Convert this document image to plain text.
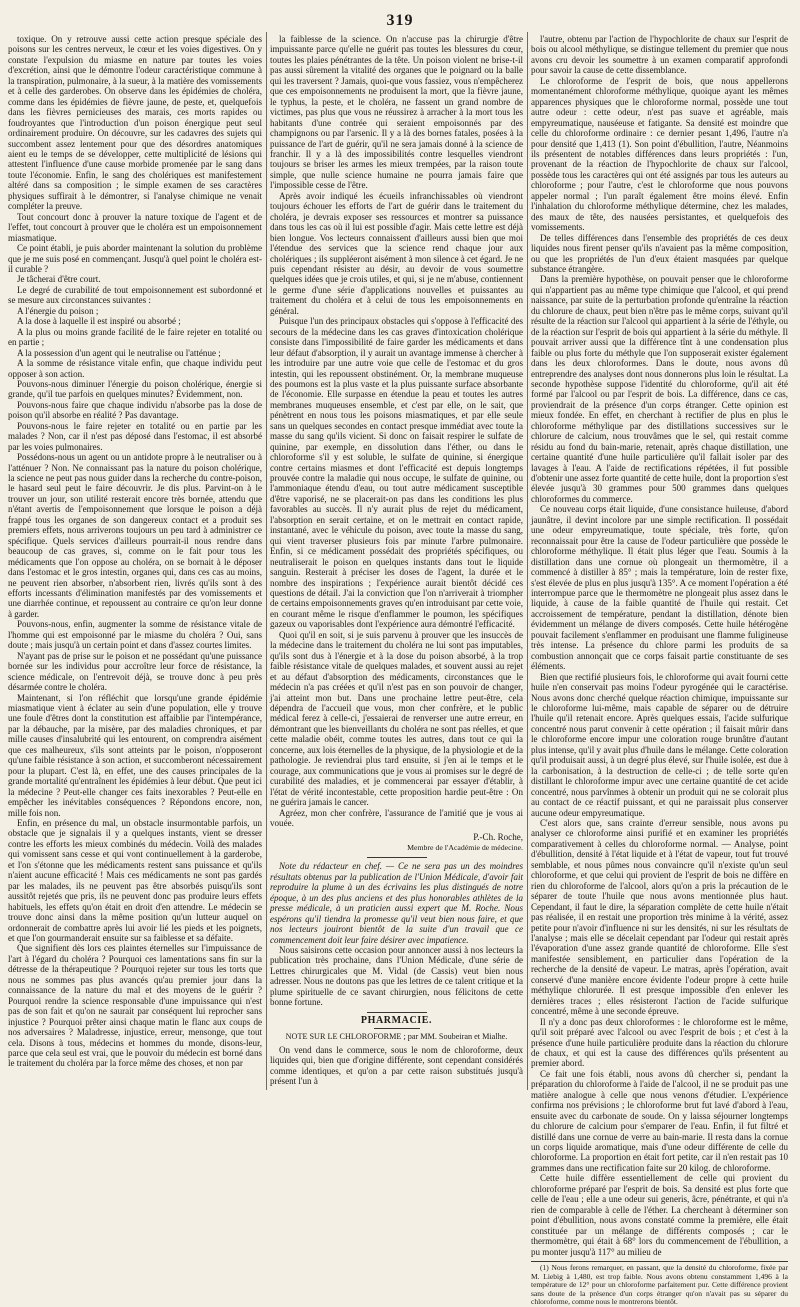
319

toxique. On y retrouve aussi cette action presque spéciale des poisons sur les centres nerveux, le cœur et les voies digestives. On y constate l'expulsion du miasme en nature par toutes les voies d'excrétion, ainsi que le démontre l'odeur caractéristique commune à la transpiration, pulmonaire, à la sueur, à la matière des vomissements et à celle des garderobes. On observe dans les épidémies de choléra, comme dans les épidémies de fièvre jaune, de peste, et, quelquefois dans les fièvres pernicieuses des marais, ces morts rapides ou foudroyantes que l'introduction d'un poison énergique peut seul ordinairement produire. On découvre, sur les cadavres des sujets qui succombent assez lentement pour que des désordres anatomiques aient eu le temps de se développer, cette multiplicité de lésions qui attestent l'influence d'une cause morbide promenée par le sang dans toute l'économie. Enfin, le sang des cholériques est manifestement altéré dans sa composition ; le simple examen de ses caractères physiques suffirait à le démontrer, si l'analyse chimique ne venait compléter la preuve.

Tout concourt donc à prouver la nature toxique de l'agent et de l'effet, tout concourt à prouver que le choléra est un empoisonnement miasmatique.

Ce point établi, je puis aborder maintenant la solution du problème que je me suis posé en commençant. Jusqu'à quel point le choléra est-il curable ?

Je tâcherai d'être court.

Le degré de curabilité de tout empoisonnement est subordonné et se mesure aux circonstances suivantes :

A l'énergie du poison ;

A la dose à laquelle il est inspiré ou absorbé ;

A la plus ou moins grande facilité de le faire rejeter en totalité ou en partie ;

A la possession d'un agent qui le neutralise ou l'atténue ;

A la somme de résistance vitale enfin, que chaque individu peut opposer à son action.

Pouvons-nous diminuer l'énergie du poison cholérique, énergie si grande, qu'il tue parfois en quelques minutes? Évidemment, non.

Pouvons-nous faire que chaque individu n'absorbe pas la dose de poison qu'il absorbe en réalité ? Pas davantage.

Pouvons-nous le faire rejeter en totalité ou en partie par les malades ? Non, car il n'est pas déposé dans l'estomac, il est absorbé par les voies pulmonaires.

Possédons-nous un agent ou un antidote propre à le neutraliser ou à l'atténuer ? Non. Ne connaissant pas la nature du poison cholérique, la science ne peut pas nous guider dans la recherche du contre-poison, le hasard seul peut le faire découvrir. Je dis plus. Parvint-on à le trouver un jour, son utilité resterait encore très bornée, attendu que n'étant avertis de l'empoisonnement que lorsque le poison a déjà frappé tous les organes de son dangereux contact et a produit ses premiers effets, nous arriverons toujours un peu tard à administrer ce spécifique. Quels services d'ailleurs pourrait-il nous rendre dans beaucoup de cas graves, si, comme on le fait pour tous les médicaments que l'on oppose au choléra, on se bornait à le déposer dans l'estomac et le gros intestin, organes qui, dans ces cas au moins, ne peuvent rien absorber, n'absorbent rien, livrés qu'ils sont à des efforts incessants d'élimination manifestés par des vomissements et une diarrhée continue, et repoussent au contraire ce qu'on leur donne à garder.

Pouvons-nous, enfin, augmenter la somme de résistance vitale de l'homme qui est empoisonné par le miasme du choléra ? Oui, sans doute ; mais jusqu'à un certain point et dans d'assez courtes limites.

N'ayant pas de prise sur le poison et ne possédant qu'une puissance bornée sur les individus pour accroître leur force de résistance, la science médicale, on l'entrevoit déjà, se trouve donc à peu près désarmée contre le choléra.

Maintenant, si l'on réfléchit que lorsqu'une grande épidémie miasmatique vient à éclater au sein d'une population, elle y trouve une foule d'êtres dont la constitution est affaiblie par l'intempérance, par la débauche, par la misère, par des maladies chroniques, et par mille causes d'insalubrité qui les entourent, on comprendra aisément que ces malheureux, s'ils sont atteints par le poison, n'opposeront qu'une faible résistance à son action, et succomberont nécessairement pour la plupart. C'est là, en effet, une des causes principales de la grande mortalité qu'entraînent les épidémies à leur début. Que peut ici la médecine ? Peut-elle changer ces faits inexorables ? Peut-elle en empêcher les inévitables conséquences ? Répondons encore, non, mille fois non.

Enfin, en présence du mal, un obstacle insurmontable parfois, un obstacle que je signalais il y a quelques instants, vient se dresser contre les efforts les mieux combinés du médecin. Voilà des malades qui vomissent sans cesse et qui vont continuellement à la garderobe, et l'on s'étonne que les médicaments restent sans puissance et qu'ils n'aient aucune efficacité ! Mais ces médicaments ne sont pas gardés par les malades, ils ne peuvent pas être absorbés puisqu'ils sont aussitôt rejetés que pris, ils ne peuvent donc pas produire leurs effets habituels, les effets qu'on était en droit d'en attendre. Le médecin se trouve donc ainsi dans la même position qu'un lutteur auquel on ordonnerait de combattre après lui avoir lié les pieds et les poignets, et que l'on gourmanderait ensuite sur sa faiblesse et sa défaite.

Que signifient dès lors ces plaintes éternelles sur l'impuissance de l'art à l'égard du choléra ? Pourquoi ces lamentations sans fin sur la détresse de la thérapeutique ? Pourquoi rejeter sur tous les torts que nous ne sommes pas plus avancés qu'au premier jour dans la connaissance de la nature du mal et des moyens de le guérir ? Pourquoi rendre la science responsable d'une impuissance qui n'est pas de son fait et qu'on ne saurait par conséquent lui reprocher sans injustice ? Pourquoi prêter ainsi chaque matin le flanc aux coups de nos adversaires ? Maladresse, injustice, erreur, mensonge, que tout cela. Disons à tous, médecins et hommes du monde, disons-leur, parce que cela seul est vrai, que le pouvoir du médecin est borné dans le traitement du choléra par la force même des choses, et non par

la faiblesse de la science. On n'accuse pas la chirurgie d'être impuissante parce qu'elle ne guérit pas toutes les blessures du cœur, toutes les plaies pénétrantes de la tête. Un poison violent ne brise-t-il pas aussi sûrement la vitalité des organes que le poignard ou la balle qui les traversent ? Jamais, quoi-que vous fassiez, vous n'empêcherez que ces empoisonnements ne produisent la mort, que la fièvre jaune, le typhus, la peste, et le choléra, ne fassent un grand nombre de victimes, pas plus que vous ne réussirez à arracher à la mort tous les habitants d'une contrée qui seraient empoisonnés par des champignons ou par l'arsenic. Il y a là des bornes fatales, posées à la puissance de l'art de guérir, qu'il ne sera jamais donné à la science de franchir. Il y a là des impossibilités contre lesquelles viendront toujours se briser les armes les mieux trempées, par la raison toute simple, que nulle science humaine ne pourra jamais faire que l'impossible cesse de l'être.

Après avoir indiqué les écueils infranchissables où viendront toujours échouer les efforts de l'art de guérir dans le traitement du choléra, je devrais exposer ses ressources et montrer sa puissance dans tous les cas où il lui est possible d'agir. Mais cette lettre est déjà bien longue. Vos lecteurs connaissent d'ailleurs aussi bien que moi l'étendue des services que la science rend chaque jour aux cholériques ; ils suppléeront aisément à mon silence à cet égard. Je ne puis cependant résister au désir, au devoir de vous soumettre quelques idées que je crois utiles, et qui, si je ne m'abuse, contiennent le germe d'une série d'applications nouvelles et puissantes au traitement du choléra et à celui de tous les empoisonnements en général.

Puisque l'un des principaux obstacles qui s'oppose à l'efficacité des secours de la médecine dans les cas graves d'intoxication cholérique consiste dans l'impossibilité de faire garder les médicaments et dans leur défaut d'absorption, il y aurait un avantage immense à chercher à les introduire par une autre voie que celle de l'estomac et du gros intestin, qui les repoussent obstinément. Or, la membrane muqueuse des poumons est la plus vaste et la plus puissante surface absorbante de l'économie. Elle surpasse en étendue la peau et toutes les autres membranes muqueuses ensemble, et c'est par elle, on le sait, que pénètrent en nous tous les poisons miasmatiques, et par elle seule sans un quelques secondes en contact presque immédiat avec toute la masse du sang qu'ils vicient. Si donc on faisait respirer le sulfate de quinine, par exemple, en dissolution dans l'éther, ou dans le chloroforme s'il y est soluble, le sulfate de quinine, si énergique contre certains miasmes et dont l'efficacité est depuis longtemps prouvée contre la maladie qui nous occupe, le sulfate de quinine, ou l'ammoniaque étendu d'eau, ou tout autre médicament susceptible d'être vaporisé, ne se placerait-on pas dans les conditions les plus favorables au succès. Il n'y aurait plus de rejet du médicament, l'absorption en serait certaine, et on le mettrait en contact rapide, instantané, avec le véhicule du poison, avec toute la masse du sang, qui vient traverser plusieurs fois par minute l'arbre pulmonaire. Enfin, si ce médicament possédait des propriétés spécifiques, ou neutraliserait le poison en quelques instants dans tout le liquide sanguin. Resterait à préciser les doses de l'agent, la durée et le nombre des inspirations ; l'expérience aurait bientôt décidé ces questions de détail. J'ai la conviction que l'on n'arriverait à triompher de certains empoisonnements graves qu'en introduisant par cette voie, en courant même le risque d'enflammer le poumon, les spécifiques gazeux ou vaporisables dont l'expérience aura démontré l'efficacité.

Quoi qu'il en soit, si je suis parvenu à prouver que les insuccès de la médecine dans le traitement du choléra ne lui sont pas imputables, qu'ils sont dus à l'énergie et à la dose du poison absorbé, à la trop faible résistance vitale de quelques malades, et souvent aussi au rejet et au défaut d'absorption des médicaments, circonstances que le médecin n'a pas créées et qu'il n'est pas en son pouvoir de changer, j'ai atteint mon but. Dans une prochaine lettre peut-être, cela dépendra de l'accueil que vous, mon cher confrère, et le public médical ferez à celle-ci, j'essaierai de renverser une autre erreur, en démontrant que les bienveillants du choléra ne sont pas réelles, et que cette maladie obéit, comme toutes les autres, dans tout ce qui la concerne, aux lois éternelles de la physique, de la physiologie et de la pathologie. Je reviendrai plus tard ensuite, si j'en ai le temps et le courage, aux communications que je vous ai promises sur le degré de curabilité des maladies, et je commencerai par essayer d'établir, à l'état de vérité incontestable, cette proposition hardie peut-être : On ne guérira jamais le cancer.

Agréez, mon cher confrère, l'assurance de l'amitié que je vous ai vouée.

P.-Ch. Roche,
Membre de l'Académie de médecine.

Note du rédacteur en chef. — Ce ne sera pas un des moindres résultats obtenus par la publication de l'Union Médicale, d'avoir fait reproduire la plume à un des écrivains les plus distingués de notre époque, à un des plus anciens et des plus honorables athlètes de la presse médicale, à un praticien aussi expert que M. Roche. Nous espérons qu'il tiendra la promesse qu'il veut bien nous faire, et que nos lecteurs jouiront bientôt de la suite d'un travail que ce commencement doit leur faire désirer avec impatience.

Nous saisirons cette occasion pour annoncer aussi à nos lecteurs la publication très prochaine, dans l'Union Médicale, d'une série de Lettres chirurgicales que M. Vidal (de Cassis) veut bien nous adresser. Nous ne doutons pas que les lettres de ce talent critique et la plume spirituelle de ce savant chirurgien, nous félicitons de cette bonne fortune.

PHARMACIE.

NOTE SUR LE CHLOROFORME ; par MM. Soubeiran et Mialhe.

On vend dans le commerce, sous le nom de chloroforme, deux liquides qui, bien que d'origine différente, sont cependant considérés comme identiques, et qu'on a par cette raison substitués jusqu'à présent l'un à

l'autre, obtenu par l'action de l'hypochlorite de chaux sur l'esprit de bois ou alcool méthylique, se distingue tellement du premier que nous avons cru devoir les soumettre à un examen comparatif approfondi pour savoir la cause de cette dissemblance.

Le chloroforme de l'esprit de bois, que nous appellerons momentanément chloroforme méthylique, quoique ayant les mêmes apparences physiques que le chloroforme normal, possède une tout autre odeur : cette odeur, n'est pas suave et agréable, mais empyreumatique, nauséeuse et fatigante. Sa densité est moindre que celle du chloroforme ordinaire : ce dernier pesant 1,496, l'autre n'a pour densité que 1,413 (1). Son point d'ébullition, l'autre, Néanmoins ils présentent de notables différences dans leurs propriétés : l'un, provenant de la réaction de l'hypochlorite de chaux sur l'alcool, possède tous les caractères qui ont été assignés par tous les auteurs au chloroforme ; pour l'autre, c'est le chloroforme que nous pouvons appeler normal ; l'un paraît également être moins élevé. Enfin l'inhalation du chloroforme méthylique détermine, chez les malades, des maux de tête, des nausées persistantes, et quelquefois des vomissements.

De telles différences dans l'ensemble des propriétés de ces deux liquides nous firent penser qu'ils n'avaient pas la même composition, ou que les propriétés de l'un d'eux étaient masquées par quelque substance étrangère.

Dans la première hypothèse, on pouvait penser que le chloroforme qui n'appartient pas au même type chimique que l'alcool, et qui prend naissance, par suite de la perturbation profonde qu'entraîne la réaction du chlorure de chaux, peut bien n'être pas le même corps, suivant qu'il résulte de la réaction sur l'alcool qui appartient à la série de l'éthyle, ou de la réaction sur l'esprit de bois qui appartient à la série du méthyle. Il pouvait arriver aussi que la différence tînt à une condensation plus faible ou plus forte du méthyle que l'on supposerait exister également dans les deux chloroformes. Dans le doute, nous avons dû entreprendre des analyses dont nous donnerons plus loin le résultat. La seconde hypothèse suppose l'identité du chloroforme, qu'il ait été formé par l'alcool ou par l'esprit de bois. La différence, dans ce cas, proviendrait de la présence d'un corps étranger. Cette opinion est mieux fondée. En effet, en cherchant à rectifier de plus en plus le chloroforme méthylique par des distillations successives sur le chlorure de calcium, nous trouvâmes que le sel, qui restait comme résidu au fond du bain-marie, retenait, après chaque distillation, une certaine quantité d'une huile particulière qu'il fallait isoler par des lavages à l'eau. A l'aide de rectifications répétées, il fut possible d'obtenir une assez forte quantité de cette huile, dont la proportion s'est élevée jusqu'à 30 grammes pour 500 grammes dans quelques chloroformes du commerce.

Ce nouveau corps était liquide, d'une consistance huileuse, d'abord jaunâtre, il devint incolore par une simple rectification. Il possédait une odeur empyreumatique, toute spéciale, très forte, qu'on reconnaissait pour être la cause de l'odeur particulière que possède le chloroforme méthylique. Il était plus léger que l'eau. Soumis à la distillation dans une cornue où plongeait un thermomètre, il a commencé à distiller à 85° ; mais la température, loin de rester fixe, s'est élevée de plus en plus jusqu'à 135°. A ce moment l'opération a été interrompue parce que le thermomètre ne plongeait plus assez dans le liquide, à cause de la faible quantité de l'huile qui restait. Cet accroissement de température, pendant la distillation, dénote bien évidemment un mélange de divers composés. Cette huile hétérogène pouvait facilement s'enflammer en produisant une flamme fuligineuse très intense. La présence du chlore parmi les produits de sa combustion annonçait que ce corps faisait partie constituante de ses éléments.

Bien que rectifié plusieurs fois, le chloroforme qui avait fourni cette huile n'en conservait pas moins l'odeur pyrogénée qui le caractérise. Nous avons donc cherché quelque réaction chimique, impuissante sur le chloroforme lui-même, mais capable de séparer ou de détruire l'huile qu'il retenait encore. Après quelques essais, l'acide sulfurique concentré nous parut convenir à cette opération ; il faisait mûrir dans le chloroforme encore impur une coloration rouge brunâtre d'autant plus intense, qu'il y avait plus d'huile dans le mélange. Cette coloration qu'il produisait aussi, à un degré plus élevé, sur l'huile isolée, est due à la carbonisation, à la destruction de celle-ci ; de telle sorte qu'en distillant le chloroforme impur avec une certaine quantité de cet acide concentré, nous parvînmes à obtenir un produit qui ne se colorait plus au contact de ce réactif puissant, et qui ne paraissait plus conserver aucune odeur empyreumatique.

C'est alors que, sans crainte d'erreur sensible, nous avons pu analyser ce chloroforme ainsi purifié et en examiner les propriétés comparativement à celles du chloroforme normal. — Analyse, point d'ébullition, densité à l'état liquide et à l'état de vapeur, tout fut trouvé semblable, et nous pûmes nous convaincre qu'il n'existe qu'un seul chloroforme, et que celui qui provient de l'esprit de bois ne diffère en rien du chloroforme de l'alcool, alors qu'on a pris la précaution de le séparer de toute l'huile que nous avons mentionnée plus haut. Cependant, il faut le dire, la séparation complète de cette huile n'était pas réalisée, il en restait une proportion très minime à la vérité, assez petite pour n'avoir d'influence ni sur les densités, ni sur les résultats de l'analyse ; mais elle se décelait cependant par l'odeur qui restait après l'évaporation d'une assez grande quantité de chloroforme. Elle s'est manifestée sensiblement, en particulier dans l'opération de la recherche de la densité de vapeur. Le matras, après l'opération, avait conservé d'une manière encore évidente l'odeur propre à cette huile méthylique chlorurée. Il est presque impossible d'en enlever les dernières traces ; elles résisteront l'action de l'acide sulfurique concentré, même à une seconde épreuve.

Il n'y a donc pas deux chloroformes : le chloroforme est le même, qu'il soit préparé avec l'alcool ou avec l'esprit de bois ; et c'est à la présence d'une huile particulière produite dans la réaction du chlorure de chaux, et qui est la cause des différences qu'ils présentent au premier abord.

Ce fait une fois établi, nous avons dû chercher si, pendant la préparation du chloroforme à l'aide de l'alcool, il ne se produit pas une matière analogue à celle que nous venons d'étudier. L'expérience confirma nos prévisions ; le chloroforme brut fut lavé d'abord à l'eau, ensuite avec du carbonate de soude. On y laissa séjourner longtemps du chlorure de calcium pour s'emparer de l'eau. Enfin, il fut filtré et distillé dans une cornue de verre au bain-marie. Il resta dans la cornue un corps liquide aromatique, mais d'une odeur différente de celle du chloroforme. La proportion en était fort petite, car il n'en restait pas 10 grammes dans une rectification faite sur 20 kilog. de chloroforme.

Cette huile diffère essentiellement de celle qui provient du chloroforme préparé par l'esprit de bois. Sa densité est plus forte que celle de l'eau ; elle a une odeur sui generis, âcre, pénétrante, et qui n'a rien de comparable à celle de l'éther. La chercheant à déterminer son point d'ébullition, nous avons constaté comme la première, elle était constituée par un mélange de différents composés ; car le thermomètre, qui était à 68° lors du commencement de l'ébullition, a pu monter jusqu'à 117° au milieu de

(1) Nous ferons remarquer, en passant, que la densité du chloroforme, fixée par M. Liebig à 1,480, est trop faible. Nous avons obtenu constamment 1,496 à la température de 12° pour un chloroforme parfaitement pur. Cette différence provient sans doute de la présence d'un corps étranger qu'on n'avait pas su séparer du chloroforme, comme nous le montrerons bientôt.
